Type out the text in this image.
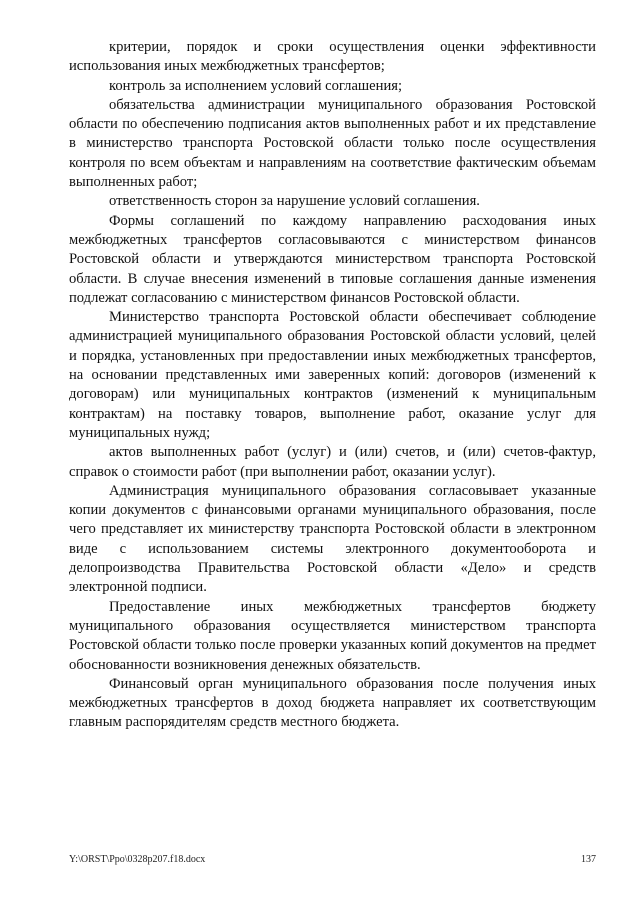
критерии, порядок и сроки осуществления оценки эффективности использования иных межбюджетных трансфертов;

контроль за исполнением условий соглашения;

обязательства администрации муниципального образования Ростовской области по обеспечению подписания актов выполненных работ и их представление в министерство транспорта Ростовской области только после осуществления контроля по всем объектам и направлениям на соответствие фактическим объемам выполненных работ;

ответственность сторон за нарушение условий соглашения.

Формы соглашений по каждому направлению расходования иных межбюджетных трансфертов согласовываются с министерством финансов Ростовской области и утверждаются министерством транспорта Ростовской области. В случае внесения изменений в типовые соглашения данные изменения подлежат согласованию с министерством финансов Ростовской области.

Министерство транспорта Ростовской области обеспечивает соблюдение администрацией муниципального образования Ростовской области условий, целей и порядка, установленных при предоставлении иных межбюджетных трансфертов, на основании представленных ими заверенных копий: договоров (изменений к договорам) или муниципальных контрактов (изменений к муниципальным контрактам) на поставку товаров, выполнение работ, оказание услуг для муниципальных нужд;

актов выполненных работ (услуг) и (или) счетов, и (или) счетов-фактур, справок о стоимости работ (при выполнении работ, оказании услуг).

Администрация муниципального образования согласовывает указанные копии документов с финансовыми органами муниципального образования, после чего представляет их министерству транспорта Ростовской области в электронном виде с использованием системы электронного документооборота и делопроизводства Правительства Ростовской области «Дело» и средств электронной подписи.

Предоставление иных межбюджетных трансфертов бюджету муниципального образования осуществляется министерством транспорта Ростовской области только после проверки указанных копий документов на предмет обоснованности возникновения денежных обязательств.

Финансовый орган муниципального образования после получения иных межбюджетных трансфертов в доход бюджета направляет их соответствующим главным распорядителям средств местного бюджета.

Y:\ORST\Ppo\0328p207.f18.docx	137
